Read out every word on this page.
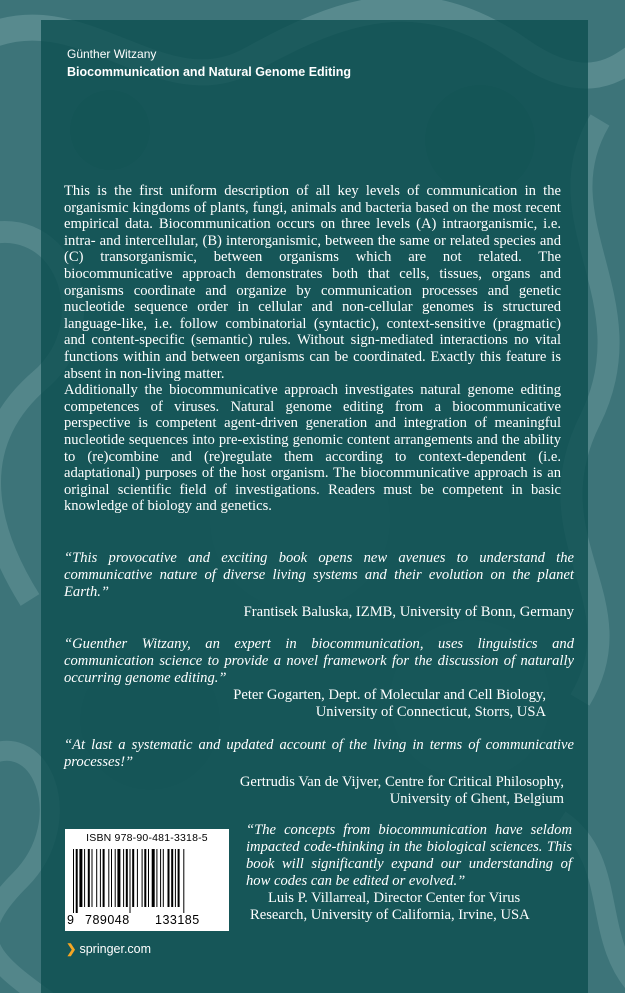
Günther Witzany
Biocommunication and Natural Genome Editing

This is the first uniform description of all key levels of communication in the organismic kingdoms of plants, fungi, animals and bacteria based on the most recent empirical data. Biocommunication occurs on three levels (A) intraorganismic, i.e. intra- and intercellular, (B) interorganismic, between the same or related species and (C) transorganismic, between organisms which are not related. The biocommunicative approach demonstrates both that cells, tissues, organs and organisms coordinate and organize by communication processes and genetic nucleotide sequence order in cellular and non-cellular genomes is structured language-like, i.e. follow combinatorial (syntactic), context-sensitive (pragmatic) and content-specific (semantic) rules. Without sign-mediated interactions no vital functions within and between organisms can be coordinated. Exactly this feature is absent in non-living matter.

Additionally the biocommunicative approach investigates natural genome editing competences of viruses. Natural genome editing from a biocommunicative perspective is competent agent-driven generation and integration of meaningful nucleotide sequences into pre-existing genomic content arrangements and the ability to (re)combine and (re)regulate them according to context-dependent (i.e. adaptational) purposes of the host organism. The biocommunicative approach is an original scientific field of investigations. Readers must be competent in basic knowledge of biology and genetics.

“This provocative and exciting book opens new avenues to understand the communicative nature of diverse living systems and their evolution on the planet Earth.”
Frantisek Baluska, IZMB, University of Bonn, Germany
“Guenther Witzany, an expert in biocommunication, uses linguistics and communication science to provide a novel framework for the discussion of naturally occurring genome editing.”
Peter Gogarten, Dept. of Molecular and Cell Biology,
University of Connecticut, Storrs, USA
“At last a systematic and updated account of the living in terms of communicative processes!”
Gertrudis Van de Vijver, Centre for Critical Philosophy,
University of Ghent, Belgium
ISBN 978-90-481-3318-5
9 789048 133185
“The concepts from biocommunication have seldom impacted code-thinking in the biological sciences. This book will significantly expand our understanding of how codes can be edited or evolved.”
Luis P. Villarreal, Director Center for Virus
Research, University of California, Irvine, USA
❯ springer.com
